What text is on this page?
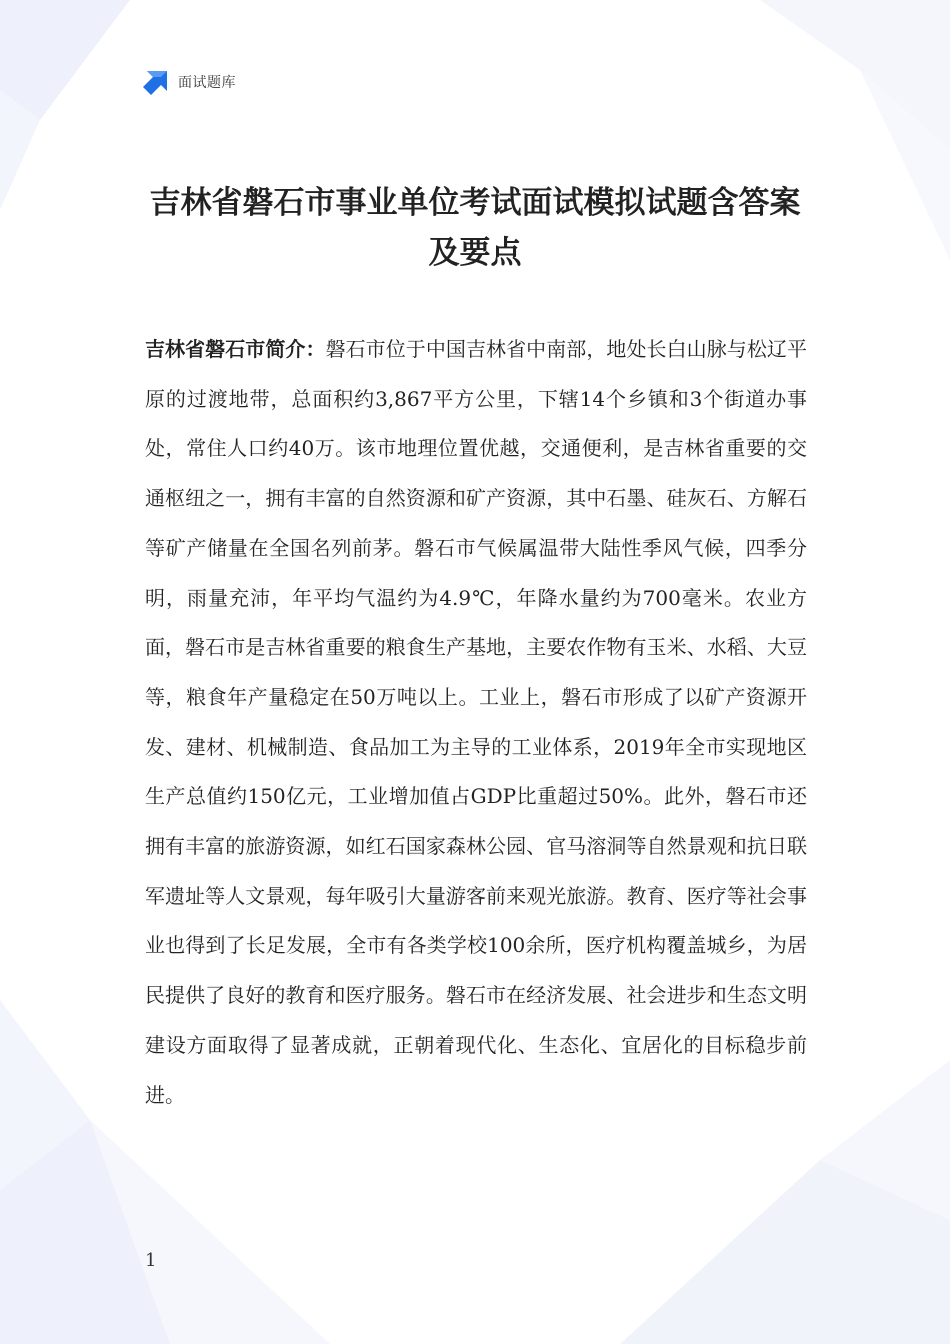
面试题库
吉林省磐石市事业单位考试面试模拟试题含答案及要点

吉林省磐石市简介：磐石市位于中国吉林省中南部，地处长白山脉与松辽平原的过渡地带，总面积约3,867平方公里，下辖14个乡镇和3个街道办事处，常住人口约40万。该市地理位置优越，交通便利，是吉林省重要的交通枢纽之一，拥有丰富的自然资源和矿产资源，其中石墨、硅灰石、方解石等矿产储量在全国名列前茅。磐石市气候属温带大陆性季风气候，四季分明，雨量充沛，年平均气温约为4.9℃，年降水量约为700毫米。农业方面，磐石市是吉林省重要的粮食生产基地，主要农作物有玉米、水稻、大豆等，粮食年产量稳定在50万吨以上。工业上，磐石市形成了以矿产资源开发、建材、机械制造、食品加工为主导的工业体系，2019年全市实现地区生产总值约150亿元，工业增加值占GDP比重超过50%。此外，磐石市还拥有丰富的旅游资源，如红石国家森林公园、官马溶洞等自然景观和抗日联军遗址等人文景观，每年吸引大量游客前来观光旅游。教育、医疗等社会事业也得到了长足发展，全市有各类学校100余所，医疗机构覆盖城乡，为居民提供了良好的教育和医疗服务。磐石市在经济发展、社会进步和生态文明建设方面取得了显著成就，正朝着现代化、生态化、宜居化的目标稳步前进。

1
